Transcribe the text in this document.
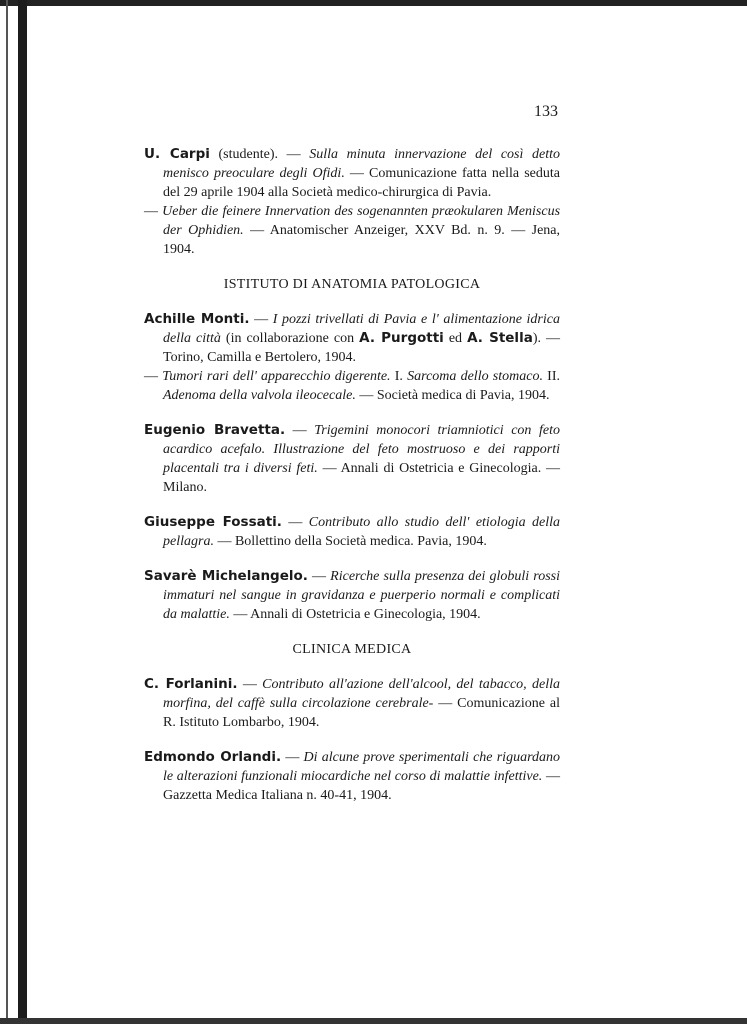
133

U. Carpi (studente). — Sulla minuta innervazione del così detto menisco preoculare degli Ofidi. — Comunicazione fatta nella seduta del 29 aprile 1904 alla Società medico-chirurgica di Pavia.

— Ueber die feinere Innervation des sogenannten præokularen Meniscus der Ophidien. — Anatomischer Anzeiger, XXV Bd. n. 9. — Jena, 1904.

ISTITUTO DI ANATOMIA PATOLOGICA

Achille Monti. — I pozzi trivellati di Pavia e l' alimentazione idrica della città (in collaborazione con A. Purgotti ed A. Stella). — Torino, Camilla e Bertolero, 1904.

— Tumori rari dell' apparecchio digerente. I. Sarcoma dello stomaco. II. Adenoma della valvola ileocecale. — Società medica di Pavia, 1904.

Eugenio Bravetta. — Trigemini monocori triamniotici con feto acardico acefalo. Illustrazione del feto mostruoso e dei rapporti placentali tra i diversi feti. — Annali di Ostetricia e Ginecologia. — Milano.

Giuseppe Fossati. — Contributo allo studio dell' etiologia della pellagra. — Bollettino della Società medica. Pavia, 1904.

Savarè Michelangelo. — Ricerche sulla presenza dei globuli rossi immaturi nel sangue in gravidanza e puerperio normali e complicati da malattie. — Annali di Ostetricia e Ginecologia, 1904.

CLINICA MEDICA

C. Forlanini. — Contributo all'azione dell'alcool, del tabacco, della morfina, del caffè sulla circolazione cerebrale- — Comunicazione al R. Istituto Lombarbo, 1904.

Edmondo Orlandi. — Di alcune prove sperimentali che riguardano le alterazioni funzionali miocardiche nel corso di malattie infettive. — Gazzetta Medica Italiana n. 40-41, 1904.
